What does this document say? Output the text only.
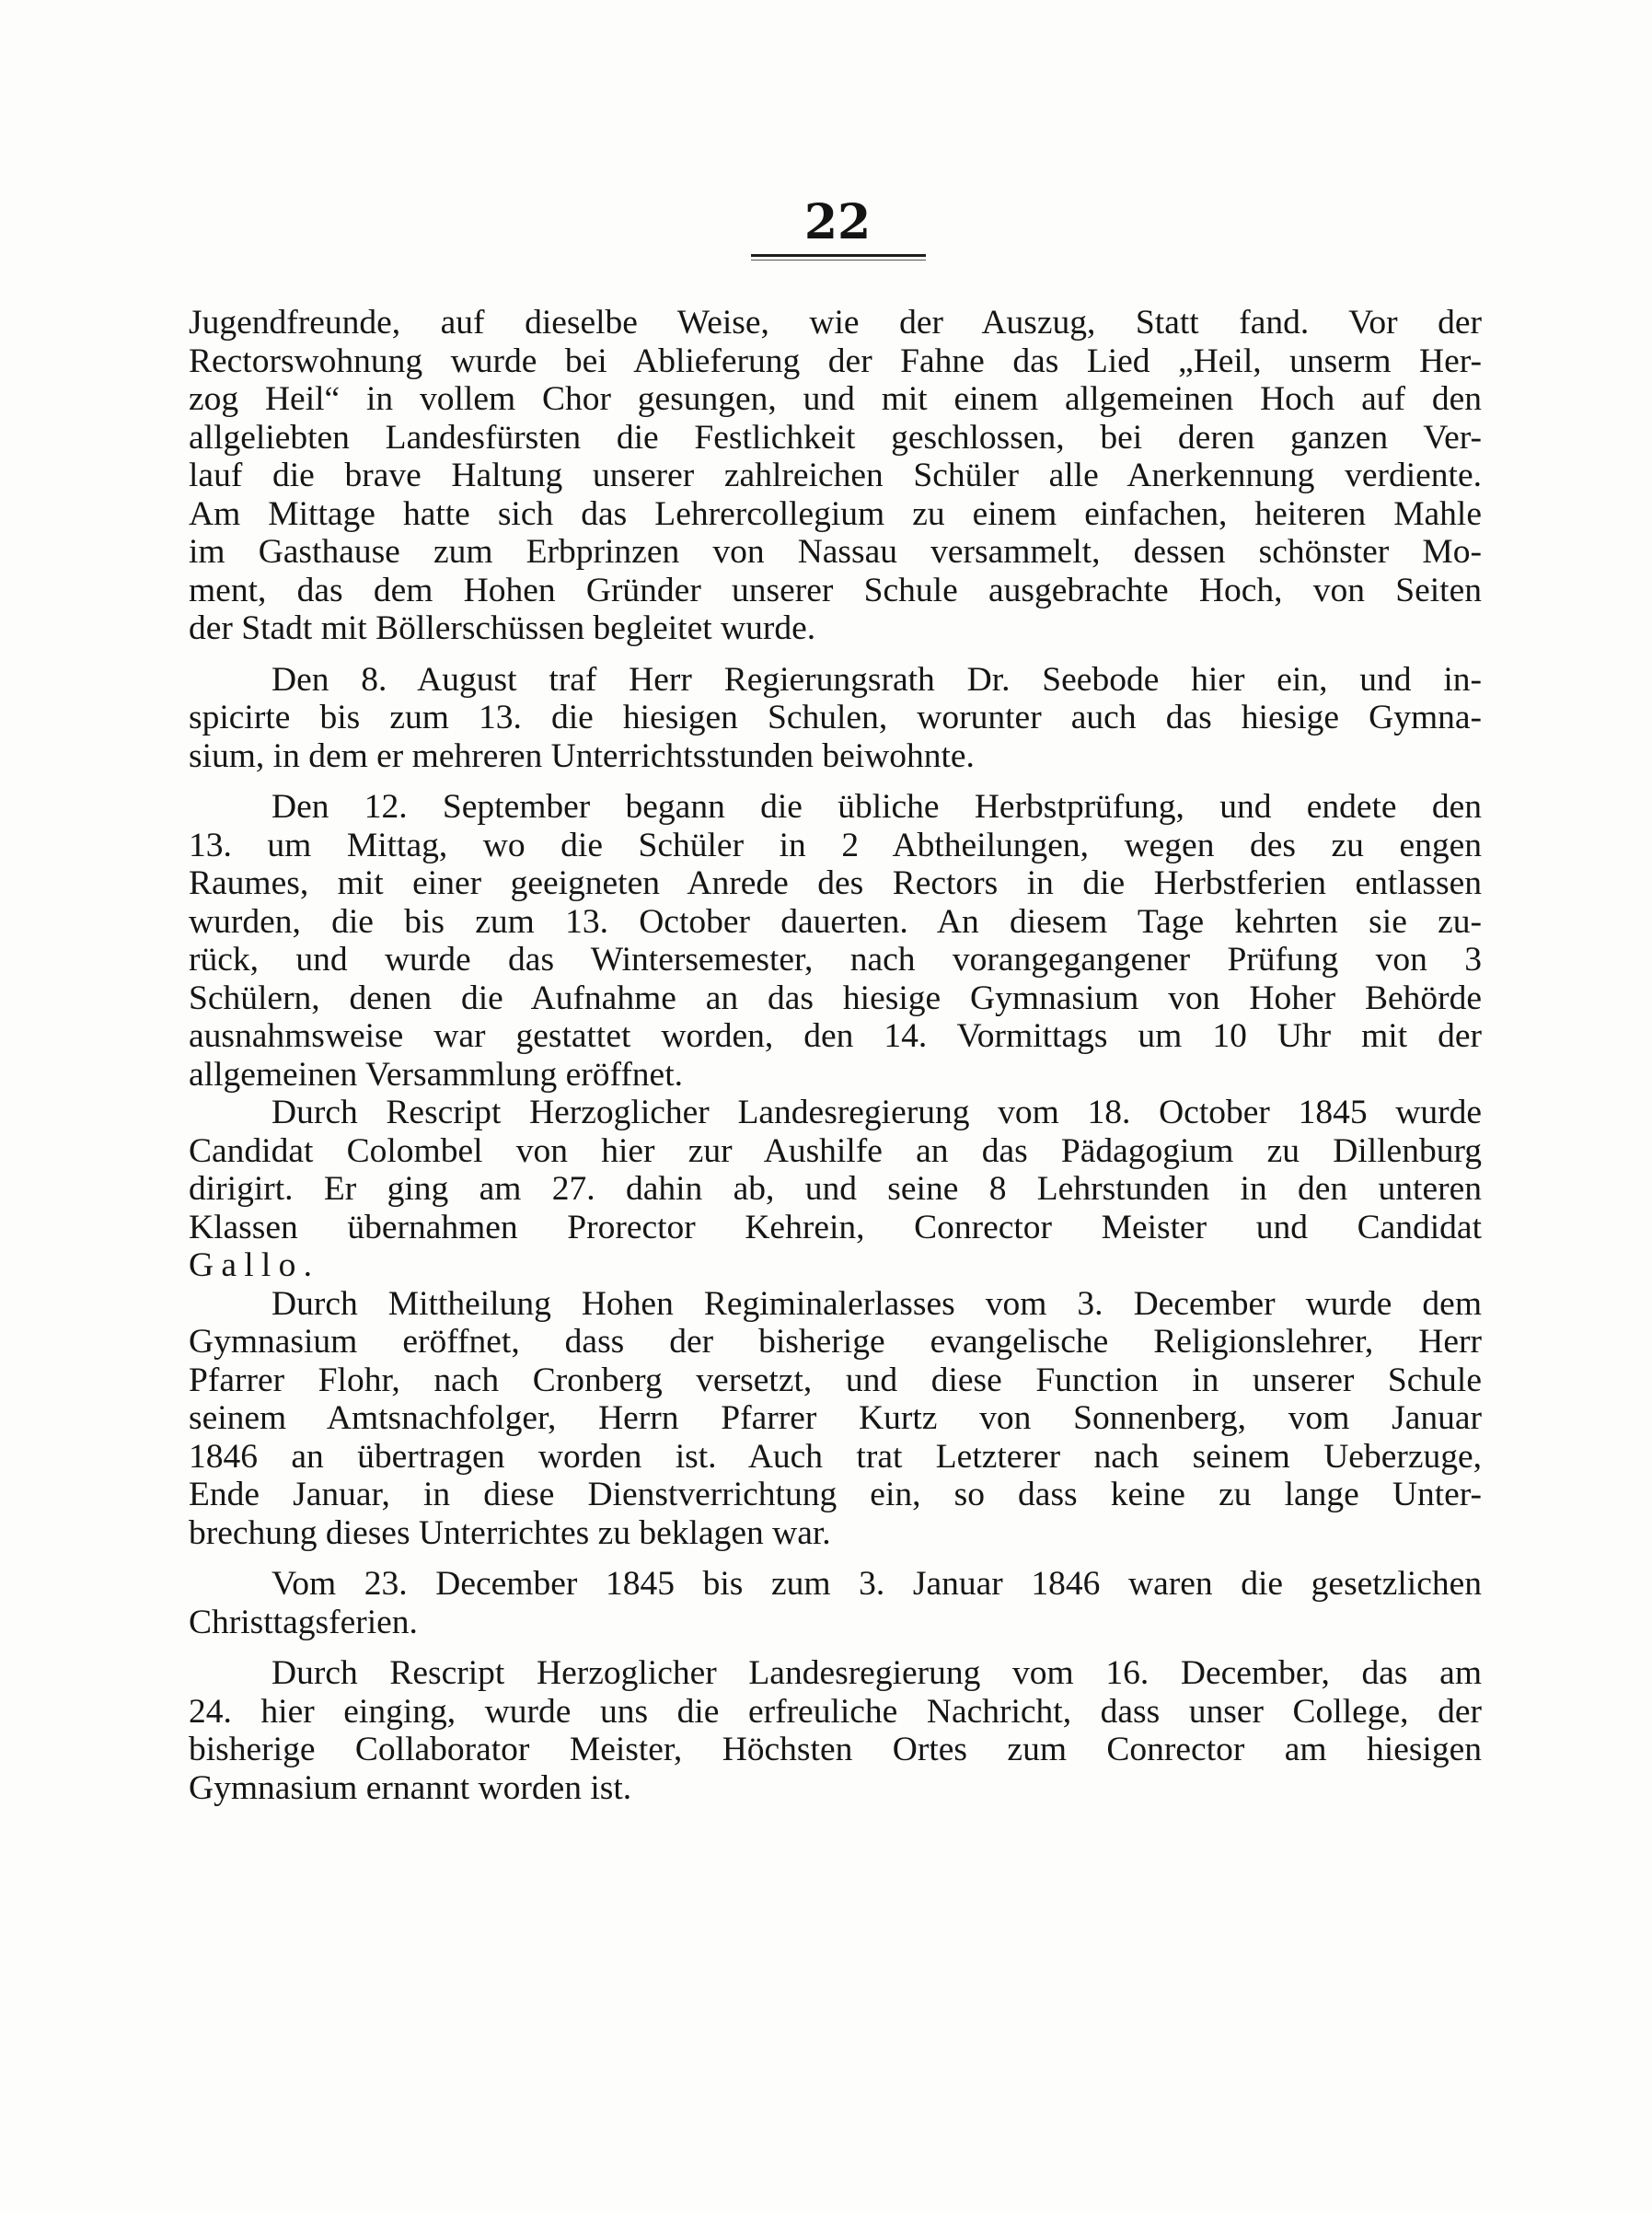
22
Jugendfreunde, auf dieselbe Weise, wie der Auszug, Statt fand. Vor der
Rectorswohnung wurde bei Ablieferung der Fahne das Lied „Heil, unserm Her-
zog Heil“ in vollem Chor gesungen, und mit einem allgemeinen Hoch auf den
allgeliebten Landesfürsten die Festlichkeit geschlossen, bei deren ganzen Ver-
lauf die brave Haltung unserer zahlreichen Schüler alle Anerkennung verdiente.
Am Mittage hatte sich das Lehrercollegium zu einem einfachen, heiteren Mahle
im Gasthause zum Erbprinzen von Nassau versammelt, dessen schönster Mo-
ment, das dem Hohen Gründer unserer Schule ausgebrachte Hoch, von Seiten
der Stadt mit Böllerschüssen begleitet wurde.
Den 8. August traf Herr Regierungsrath Dr. Seebode hier ein, und in-
spicirte bis zum 13. die hiesigen Schulen, worunter auch das hiesige Gymna-
sium, in dem er mehreren Unterrichtsstunden beiwohnte.
Den 12. September begann die übliche Herbstprüfung, und endete den
13. um Mittag, wo die Schüler in 2 Abtheilungen, wegen des zu engen
Raumes, mit einer geeigneten Anrede des Rectors in die Herbstferien entlassen
wurden, die bis zum 13. October dauerten. An diesem Tage kehrten sie zu-
rück, und wurde das Wintersemester, nach vorangegangener Prüfung von 3
Schülern, denen die Aufnahme an das hiesige Gymnasium von Hoher Behörde
ausnahmsweise war gestattet worden, den 14. Vormittags um 10 Uhr mit der
allgemeinen Versammlung eröffnet.
Durch Rescript Herzoglicher Landesregierung vom 18. October 1845 wurde
Candidat Colombel von hier zur Aushilfe an das Pädagogium zu Dillenburg
dirigirt. Er ging am 27. dahin ab, und seine 8 Lehrstunden in den unteren
Klassen übernahmen Prorector Kehrein, Conrector Meister und Candidat
Gallo.
Durch Mittheilung Hohen Regiminalerlasses vom 3. December wurde dem
Gymnasium eröffnet, dass der bisherige evangelische Religionslehrer, Herr
Pfarrer Flohr, nach Cronberg versetzt, und diese Function in unserer Schule
seinem Amtsnachfolger, Herrn Pfarrer Kurtz von Sonnenberg, vom Januar
1846 an übertragen worden ist. Auch trat Letzterer nach seinem Ueberzuge,
Ende Januar, in diese Dienstverrichtung ein, so dass keine zu lange Unter-
brechung dieses Unterrichtes zu beklagen war.
Vom 23. December 1845 bis zum 3. Januar 1846 waren die gesetzlichen
Christtagsferien.
Durch Rescript Herzoglicher Landesregierung vom 16. December, das am
24. hier einging, wurde uns die erfreuliche Nachricht, dass unser College, der
bisherige Collaborator Meister, Höchsten Ortes zum Conrector am hiesigen
Gymnasium ernannt worden ist.
